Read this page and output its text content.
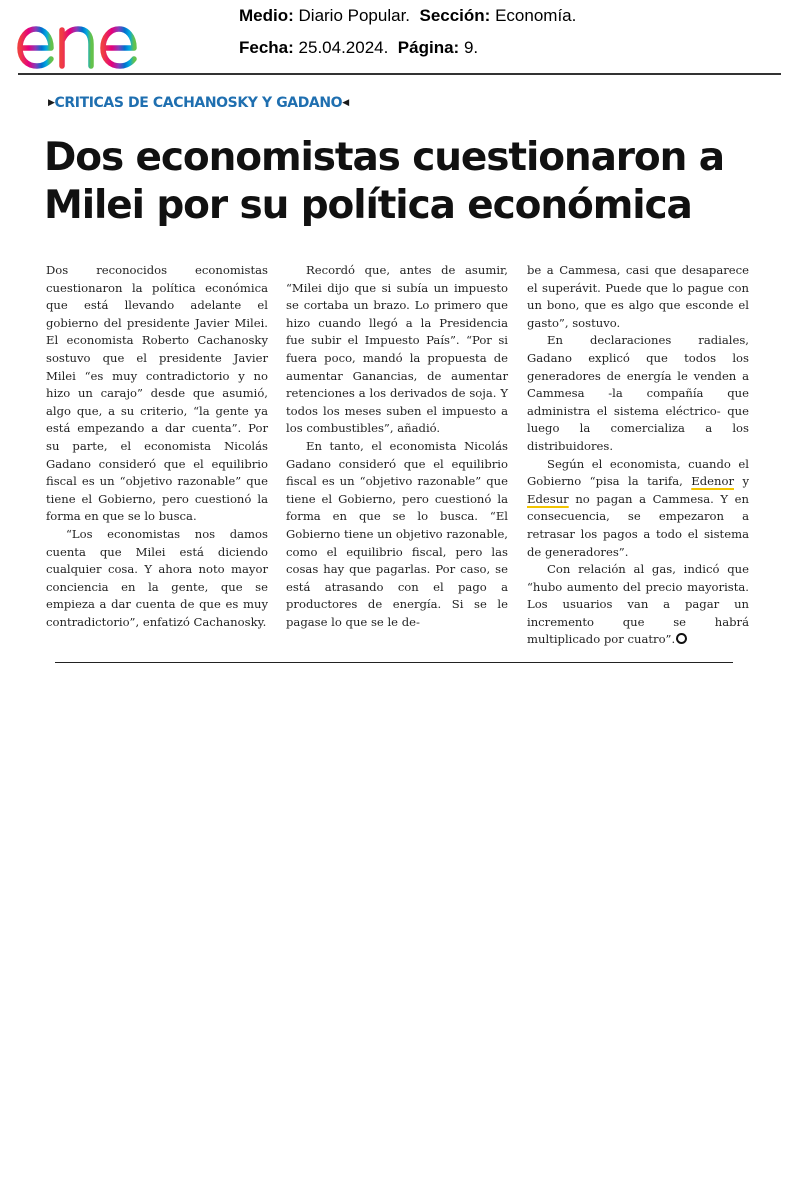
Medio: Diario Popular. Sección: Economía.
Fecha: 25.04.2024. Página: 9.
▶CRITICAS DE CACHANOSKY Y GADANO◀
Dos economistas cuestionaron a Milei por su política económica

Dos reconocidos economistas cuestionaron la política económica que está llevando adelante el gobierno del presidente Javier Milei. El economista Roberto Cachanosky sostuvo que el presidente Javier Milei “es muy contradictorio y no hizo un carajo” desde que asumió, algo que, a su criterio, “la gente ya está empezando a dar cuenta”. Por su parte, el economista Nicolás Gadano consideró que el equilibrio fiscal es un “objetivo razonable” que tiene el Gobierno, pero cuestionó la forma en que se lo busca.

“Los economistas nos damos cuenta que Milei está diciendo cualquier cosa. Y ahora noto mayor conciencia en la gente, que se empieza a dar cuenta de que es muy contradictorio”, enfatizó Cachanosky.

Recordó que, antes de asumir, “Milei dijo que si subía un impuesto se cortaba un brazo. Lo primero que hizo cuando llegó a la Presidencia fue subir el Impuesto País”. “Por si fuera poco, mandó la propuesta de aumentar Ganancias, de aumentar retenciones a los derivados de soja. Y todos los meses suben el impuesto a los combustibles”, añadió.

En tanto, el economista Nicolás Gadano consideró que el equilibrio fiscal es un “objetivo razonable” que tiene el Gobierno, pero cuestionó la forma en que se lo busca. “El Gobierno tiene un objetivo razonable, como el equilibrio fiscal, pero las cosas hay que pagarlas. Por caso, se está atrasando con el pago a productores de energía. Si se le pagase lo que se le de-

be a Cammesa, casi que desaparece el superávit. Puede que lo pague con un bono, que es algo que esconde el gasto”, sostuvo.

En declaraciones radiales, Gadano explicó que todos los generadores de energía le venden a Cammesa -la compañía que administra el sistema eléctrico- que luego la comercializa a los distribuidores.

Según el economista, cuando el Gobierno “pisa la tarifa, Edenor y Edesur no pagan a Cammesa. Y en consecuencia, se empezaron a retrasar los pagos a todo el sistema de generadores”.

Con relación al gas, indicó que “hubo aumento del precio mayorista. Los usuarios van a pagar un incremento que se habrá multiplicado por cuatro”.
